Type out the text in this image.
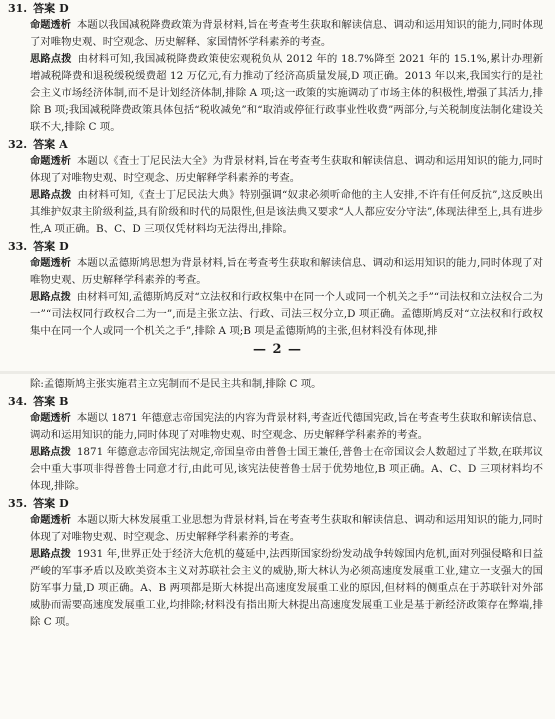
31. 答案 D

命题透析 本题以我国减税降费政策为背景材料,旨在考查考生获取和解读信息、调动和运用知识的能力,同时体现了对唯物史观、时空观念、历史解释、家国情怀学科素养的考查。

思路点拨 由材料可知,我国减税降费政策使宏观税负从 2012 年的 18.7%降至 2021 年的 15.1%,累计办理新增减税降费和退税缓税缓费超 12 万亿元,有力推动了经济高质量发展,D 项正确。2013 年以来,我国实行的是社会主义市场经济体制,而不是计划经济体制,排除 A 项;这一政策的实施调动了市场主体的积极性,增强了其活力,排除 B 项;我国减税降费政策具体包括“税收减免”和“取消或停征行政事业性收费”两部分,与关税制度法制化建设关联不大,排除 C 项。

32. 答案 A

命题透析 本题以《査士丁尼民法大全》为背景材料,旨在考查考生获取和解读信息、调动和运用知识的能力,同时体现了对唯物史观、时空观念、历史解释学科素养的考查。

思路点拨 由材料可知,《査士丁尼民法大典》特别强调“奴隶必须听命他的主人安排,不许有任何反抗”,这反映出其维护奴隶主阶级利益,具有阶级和时代的局限性,但是该法典又要求“人人都应安分守法”,体现法律至上,具有进步性,A 项正确。B、C、D 三项仅凭材料均无法得出,排除。

33. 答案 D

命题透析 本题以孟德斯鸠思想为背景材料,旨在考查考生获取和解读信息、调动和运用知识的能力,同时体现了对唯物史观、历史解释学科素养的考查。

思路点拨 由材料可知,孟德斯鸠反对“立法权和行政权集中在同一个人或同一个机关之手”“司法权和立法权合二为一”“司法权同行政权合二为一”,而是主张立法、行政、司法三权分立,D 项正确。孟德斯鸠反对“立法权和行政权集中在同一个人或同一个机关之手”,排除 A 项;B 项是孟德斯鸠的主张,但材料没有体现,排

— 2 —

除:孟德斯鸠主张实施君主立宪制而不是民主共和制,排除 C 项。

34. 答案 B

命题透析 本题以 1871 年德意志帝国宪法的内容为背景材料,考查近代德国宪政,旨在考查考生获取和解读信息、调动和运用知识的能力,同时体现了对唯物史观、时空观念、历史解释学科素养的考查。

思路点拨 1871 年德意志帝国宪法规定,帝国皇帝由普鲁士国王兼任,普鲁士在帝国议会人数超过了半数,在联邦议会中重大事项非得普鲁士同意才行,由此可见,该宪法使普鲁士居于优势地位,B 项正确。A、C、D 三项材料均不体现,排除。

35. 答案 D

命题透析 本题以斯大林发展重工业思想为背景材料,旨在考查考生获取和解读信息、调动和运用知识的能力,同时体现了对唯物史观、时空观念、历史解释学科素养的考查。

思路点拨 1931 年,世界正处于经济大危机的蔓延中,法西斯国家纷纷发动战争转嫁国内危机,面对列强侵略和日益严峻的军事矛盾以及欧美资本主义对苏联社会主义的威胁,斯大林认为必须高速度发展重工业,建立一支强大的国防军事力量,D 项正确。A、B 两项都是斯大林提出高速度发展重工业的原因,但材料的侧重点在于苏联针对外部威胁而需要高速度发展重工业,均排除;材料没有指出斯大林提出高速度发展重工业是基于新经济政策存在弊端,排除 C 项。
